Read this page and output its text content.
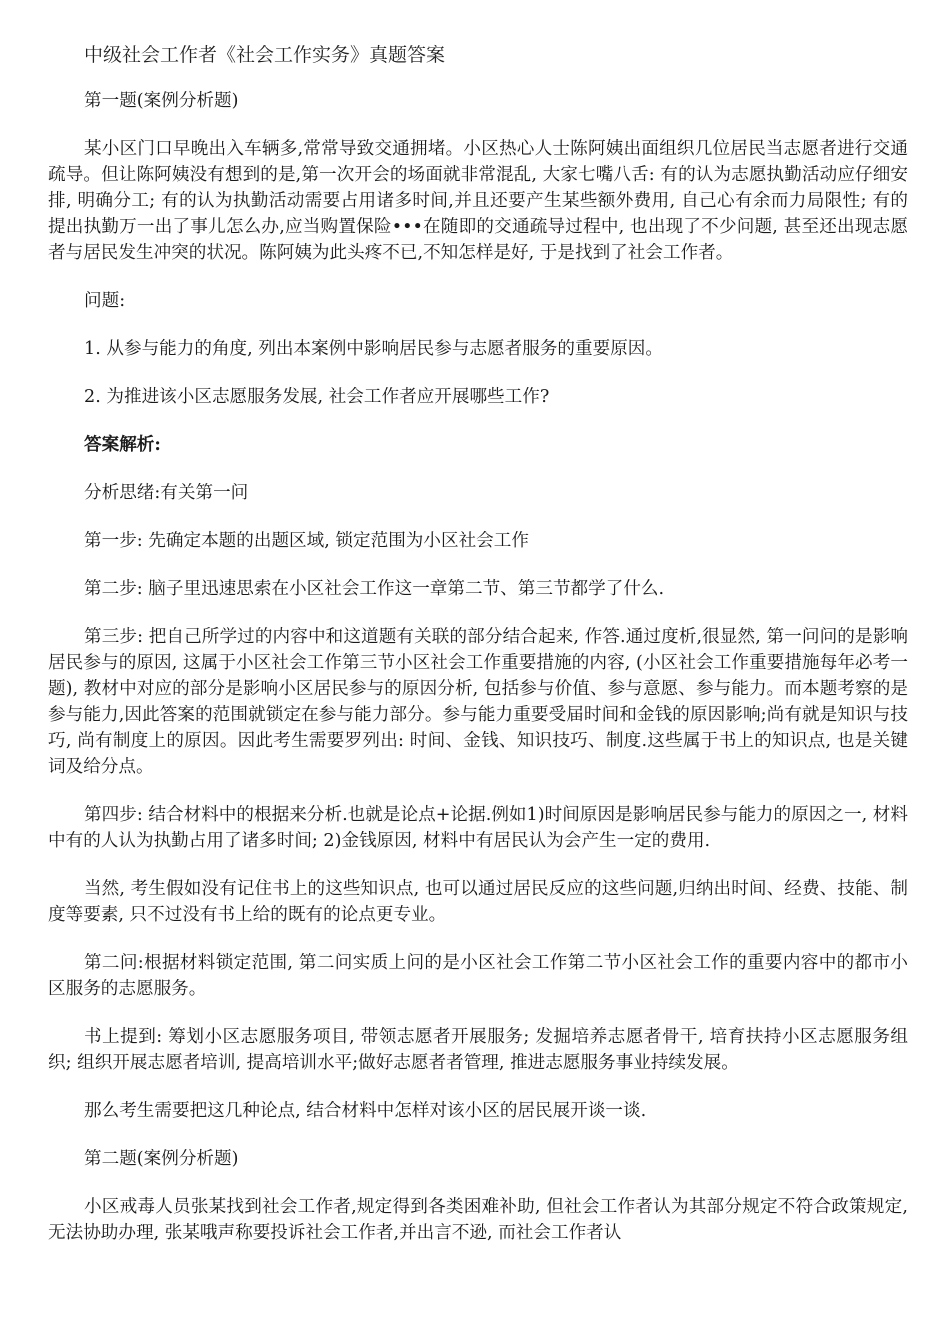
中级社会工作者《社会工作实务》真题答案

第一题(案例分析题)

某小区门口早晚出入车辆多,常常导致交通拥堵。小区热心人士陈阿姨出面组织几位居民当志愿者进行交通疏导。但让陈阿姨没有想到的是,第一次开会的场面就非常混乱, 大家七嘴八舌: 有的认为志愿执勤活动应仔细安排, 明确分工; 有的认为执勤活动需要占用诸多时间,并且还要产生某些额外费用, 自己心有余而力局限性; 有的提出执勤万一出了事儿怎么办,应当购置保险•••在随即的交通疏导过程中, 也出现了不少问题, 甚至还出现志愿者与居民发生冲突的状况。陈阿姨为此头疼不已,不知怎样是好, 于是找到了社会工作者。

问题:

1. 从参与能力的角度, 列出本案例中影响居民参与志愿者服务的重要原因。

2. 为推进该小区志愿服务发展, 社会工作者应开展哪些工作?

答案解析:

分析思绪:有关第一问

第一步: 先确定本题的出题区域, 锁定范围为小区社会工作

第二步: 脑子里迅速思索在小区社会工作这一章第二节、第三节都学了什么.

第三步: 把自己所学过的内容中和这道题有关联的部分结合起来, 作答.通过度析,很显然, 第一问问的是影响居民参与的原因, 这属于小区社会工作第三节小区社会工作重要措施的内容, (小区社会工作重要措施每年必考一题), 教材中对应的部分是影响小区居民参与的原因分析, 包括参与价值、参与意愿、参与能力。而本题考察的是参与能力,因此答案的范围就锁定在参与能力部分。参与能力重要受届时间和金钱的原因影响;尚有就是知识与技巧, 尚有制度上的原因。因此考生需要罗列出: 时间、金钱、知识技巧、制度.这些属于书上的知识点, 也是关键词及给分点。

第四步: 结合材料中的根据来分析.也就是论点+论据.例如1)时间原因是影响居民参与能力的原因之一, 材料中有的人认为执勤占用了诸多时间; 2)金钱原因, 材料中有居民认为会产生一定的费用.

当然, 考生假如没有记住书上的这些知识点, 也可以通过居民反应的这些问题,归纳出时间、经费、技能、制度等要素, 只不过没有书上给的既有的论点更专业。

第二问:根据材料锁定范围, 第二问实质上问的是小区社会工作第二节小区社会工作的重要内容中的都市小区服务的志愿服务。

书上提到: 筹划小区志愿服务项目, 带领志愿者开展服务; 发掘培养志愿者骨干, 培育扶持小区志愿服务组织; 组织开展志愿者培训, 提高培训水平;做好志愿者者管理, 推进志愿服务事业持续发展。

那么考生需要把这几种论点, 结合材料中怎样对该小区的居民展开谈一谈.

第二题(案例分析题)

小区戒毒人员张某找到社会工作者,规定得到各类困难补助, 但社会工作者认为其部分规定不符合政策规定,无法协助办理, 张某哦声称要投诉社会工作者,并出言不逊, 而社会工作者认
